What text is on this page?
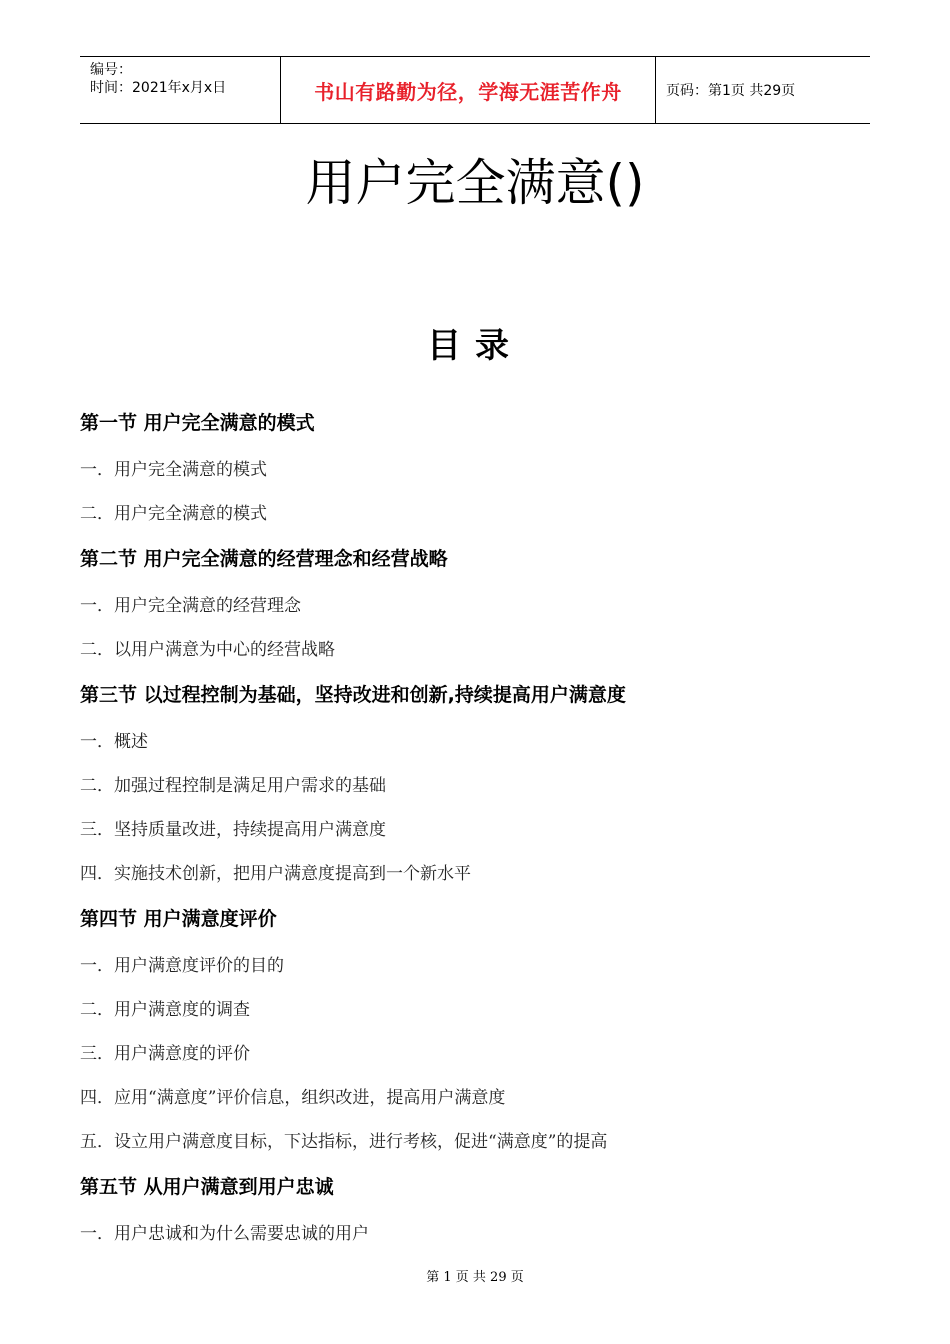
编号：
时间：2021年x月x日	书山有路勤为径，学海无涯苦作舟	页码：第1页 共29页
用户完全满意()
目录
第一节 用户完全满意的模式
一．用户完全满意的模式
二．用户完全满意的模式
第二节 用户完全满意的经营理念和经营战略
一．用户完全满意的经营理念
二．以用户满意为中心的经营战略
第三节 以过程控制为基础，坚持改进和创新,持续提高用户满意度
一．概述
二．加强过程控制是满足用户需求的基础
三．坚持质量改进，持续提高用户满意度
四．实施技术创新，把用户满意度提高到一个新水平
第四节 用户满意度评价
一．用户满意度评价的目的
二．用户满意度的调查
三．用户满意度的评价
四．应用“满意度”评价信息，组织改进，提高用户满意度
五．设立用户满意度目标，下达指标，进行考核，促进“满意度”的提高
第五节 从用户满意到用户忠诚
一．用户忠诚和为什么需要忠诚的用户
第 1 页 共 29 页
